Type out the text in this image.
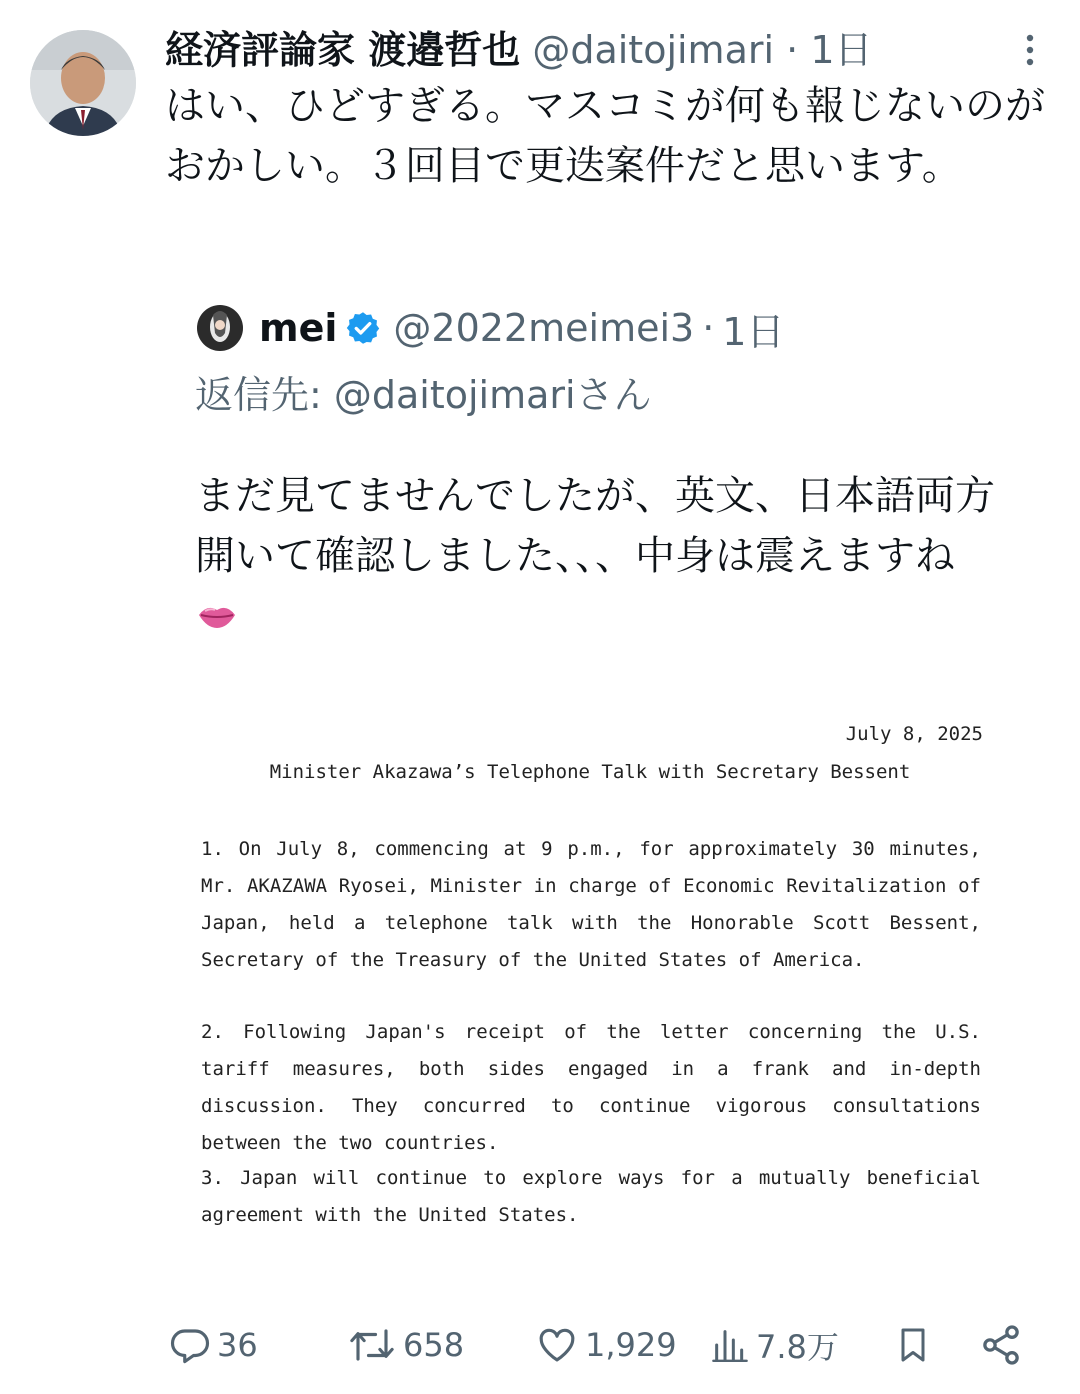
経済評論家 渡邉哲也 @daitojimari · 1日

はい、ひどすぎる。マスコミが何も報じないのがおかしい。３回目で更迭案件だと思います。

mei @2022meimei3 · 1日
返信先: @daitojimariさん
まだ見てませんでしたが、英文、日本語両方開いて確認しました、、、中身は震えますね
July 8, 2025
Minister Akazawa’s Telephone Talk with Secretary Bessent
1. On July 8, commencing at 9 p.m., for approximately 30 minutes, Mr. AKAZAWA Ryosei, Minister in charge of Economic Revitalization of Japan, held a telephone talk with the Honorable Scott Bessent, Secretary of the Treasury of the United States of America.
2. Following Japan's receipt of the letter concerning the U.S. tariff measures, both sides engaged in a frank and in-depth discussion. They concurred to continue vigorous consultations between the two countries.
3. Japan will continue to explore ways for a mutually beneficial agreement with the United States.
36	658	1,929 7.8万
